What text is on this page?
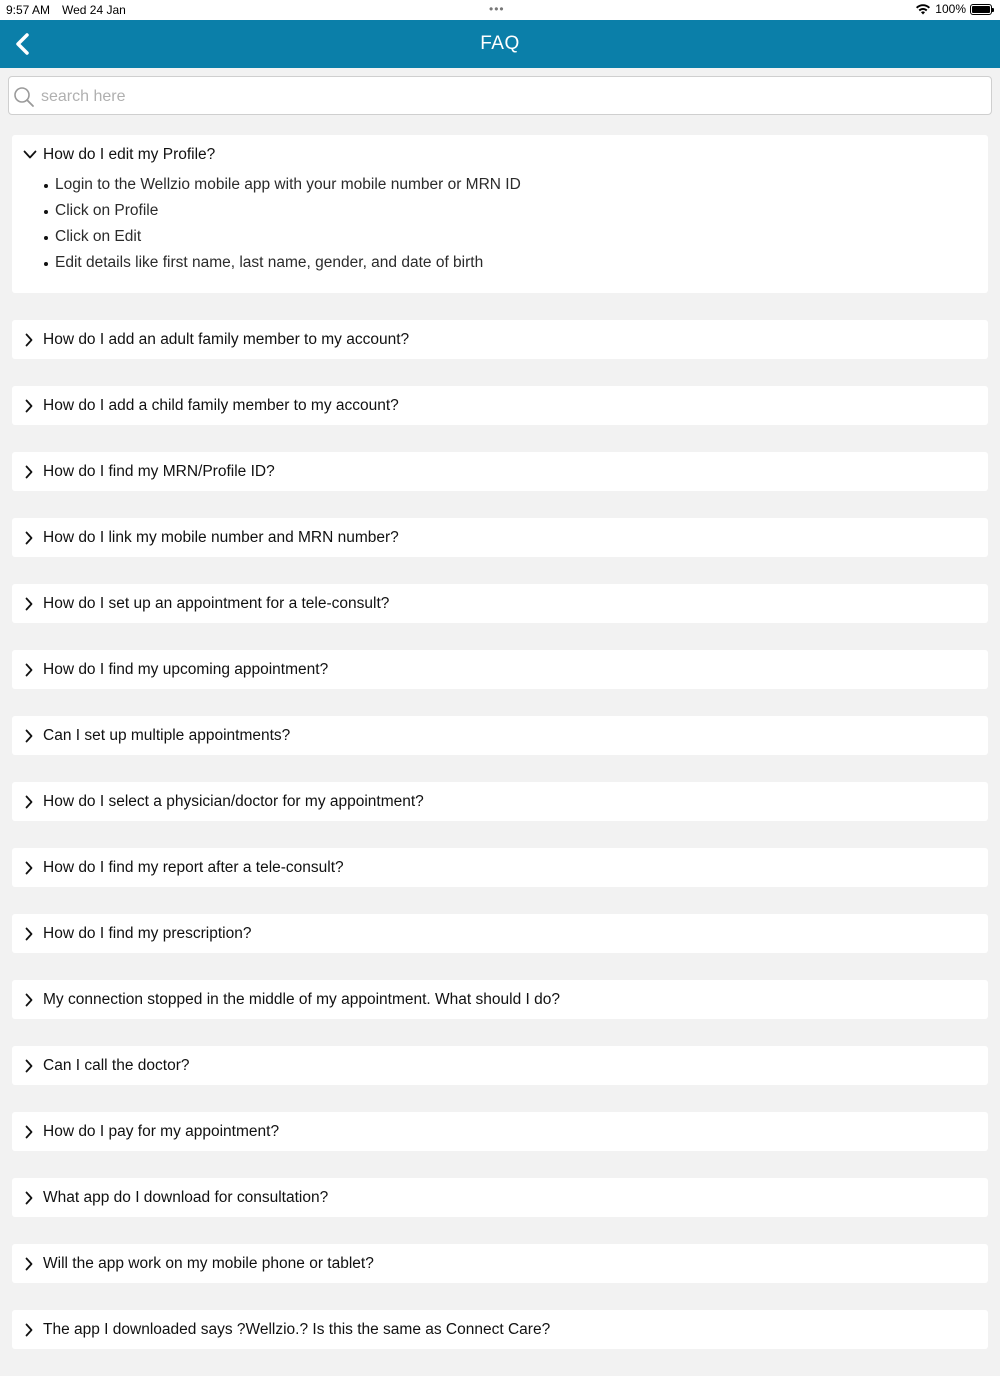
9:57 AM Wed 24 Jan	•••	100%
FAQ
search here
How do I edit my Profile?
Login to the Wellzio mobile app with your mobile number or MRN ID
Click on Profile
Click on Edit
Edit details like first name, last name, gender, and date of birth
How do I add an adult family member to my account?
How do I add a child family member to my account?
How do I find my MRN/Profile ID?
How do I link my mobile number and MRN number?
How do I set up an appointment for a tele-consult?
How do I find my upcoming appointment?
Can I set up multiple appointments?
How do I select a physician/doctor for my appointment?
How do I find my report after a tele-consult?
How do I find my prescription?
My connection stopped in the middle of my appointment. What should I do?
Can I call the doctor?
How do I pay for my appointment?
What app do I download for consultation?
Will the app work on my mobile phone or tablet?
The app I downloaded says ?Wellzio.? Is this the same as Connect Care?
